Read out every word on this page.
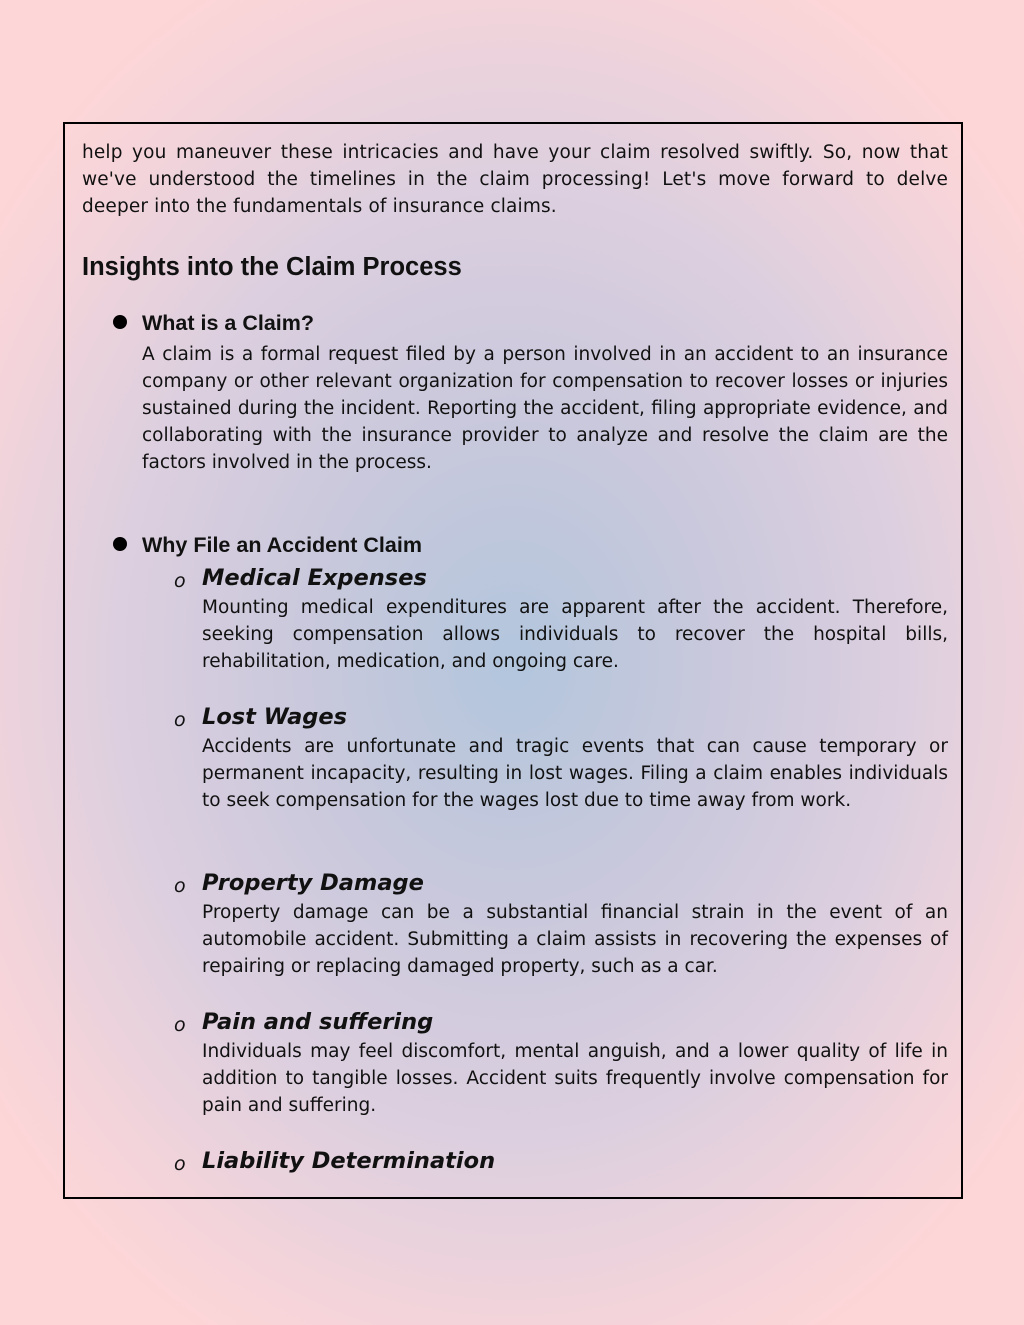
help you maneuver these intricacies and have your claim resolved swiftly. So, now that we've understood the timelines in the claim processing! Let's move forward to delve deeper into the fundamentals of insurance claims.

Insights into the Claim Process
What is a Claim?

A claim is a formal request filed by a person involved in an accident to an insurance company or other relevant organization for compensation to recover losses or injuries sustained during the incident. Reporting the accident, filing appropriate evidence, and collaborating with the insurance provider to analyze and resolve the claim are the factors involved in the process.

Why File an Accident Claim
o Medical Expenses

Mounting medical expenditures are apparent after the accident. Therefore, seeking compensation allows individuals to recover the hospital bills, rehabilitation, medication, and ongoing care.

o Lost Wages

Accidents are unfortunate and tragic events that can cause temporary or permanent incapacity, resulting in lost wages. Filing a claim enables individuals to seek compensation for the wages lost due to time away from work.

o Property Damage

Property damage can be a substantial financial strain in the event of an automobile accident. Submitting a claim assists in recovering the expenses of repairing or replacing damaged property, such as a car.

o Pain and suffering

Individuals may feel discomfort, mental anguish, and a lower quality of life in addition to tangible losses. Accident suits frequently involve compensation for pain and suffering.

o Liability Determination
